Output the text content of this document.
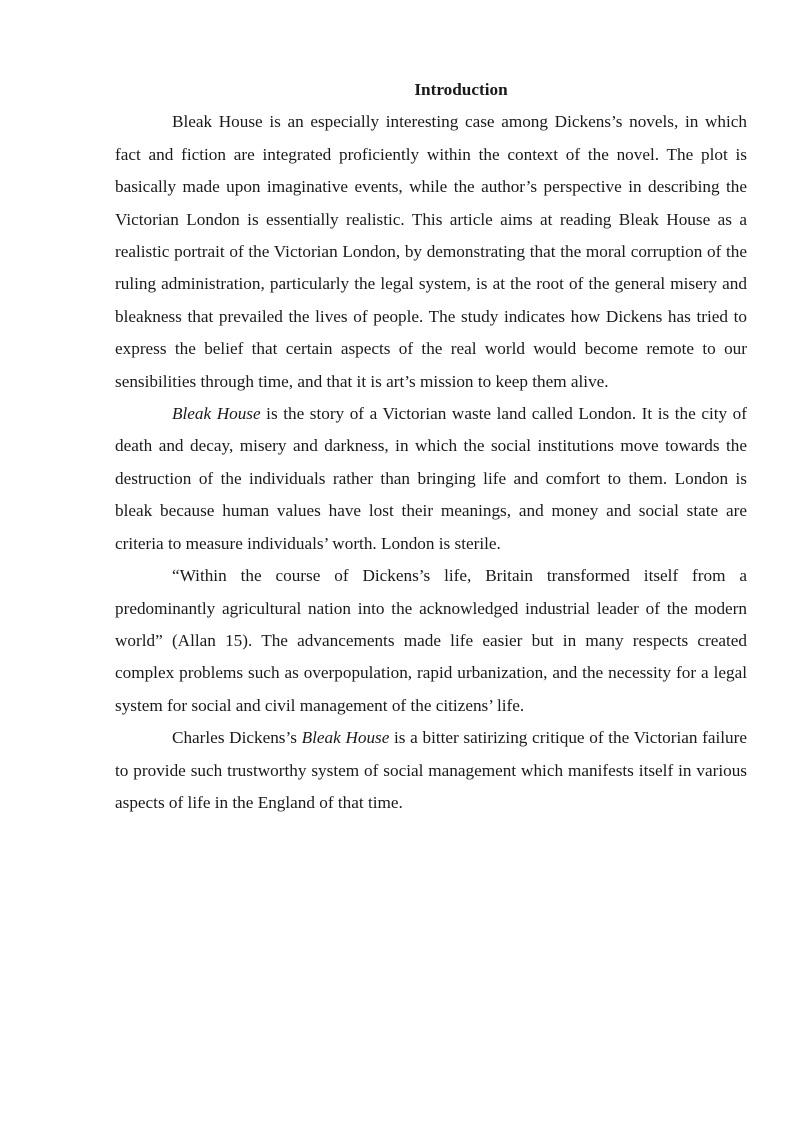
Introduction

Bleak House is an especially interesting case among Dickens’s novels, in which fact and fiction are integrated proficiently within the context of the novel. The plot is basically made upon imaginative events, while the author’s perspective in describing the Victorian London is essentially realistic. This article aims at reading Bleak House as a realistic portrait of the Victorian London, by demonstrating that the moral corruption of the ruling administration, particularly the legal system, is at the root of the general misery and bleakness that prevailed the lives of people. The study indicates how Dickens has tried to express the belief that certain aspects of the real world would become remote to our sensibilities through time, and that it is art’s mission to keep them alive.

Bleak House is the story of a Victorian waste land called London. It is the city of death and decay, misery and darkness, in which the social institutions move towards the destruction of the individuals rather than bringing life and comfort to them. London is bleak because human values have lost their meanings, and money and social state are criteria to measure individuals’ worth. London is sterile.

“Within the course of Dickens’s life, Britain transformed itself from a predominantly agricultural nation into the acknowledged industrial leader of the modern world” (Allan 15). The advancements made life easier but in many respects created complex problems such as overpopulation, rapid urbanization, and the necessity for a legal system for social and civil management of the citizens’ life.

Charles Dickens’s Bleak House is a bitter satirizing critique of the Victorian failure to provide such trustworthy system of social management which manifests itself in various aspects of life in the England of that time.
